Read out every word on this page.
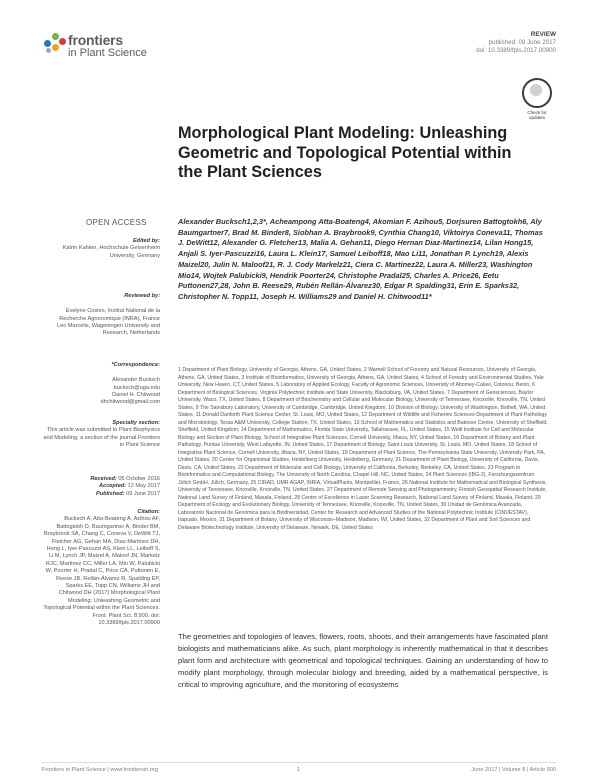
frontiers
in Plant Science
REVIEW
published: 09 June 2017
doi: 10.3389/fpls.2017.00900
Check for updates
Morphological Plant Modeling: Unleashing Geometric and Topological Potential within the Plant Sciences
OPEN ACCESS
Edited by:
Katrin Kahlen, Hochschule Geisenheim University, Germany

Reviewed by:

Evelyne Costes, Institut National de la Recherche Agronomique (INRA), France
Leo Marcelis, Wageningen University and Research, Netherlands

*Correspondence:

Alexander Bucksch
bucksch@uga.edu
Daniel H. Chitwood
dhchitwood@gmail.com

Specialty section:
This article was submitted to Plant Biophysics and Modeling, a section of the journal Frontiers in Plant Science
Received: 05 October 2016
Accepted: 12 May 2017
Published: 09 June 2017
Citation:
Bucksch A, Atta-Boateng A, Azihou AF, Battogtokh D, Baumgartner A, Binder BM, Braybrook SA, Chang C, Coneva V, DeWitt TJ, Fletcher AG, Gehan MA, Diaz-Martinez DH, Hong L, Iyer-Pascuzzi AS, Klein LL, Leiboff S, Li M, Lynch JP, Maizel A, Maloof JN, Markelz RJC, Martinez CC, Miller LA, Mio W, Palubicki W, Poorter H, Pradal C, Price CA, Puttonen E, Reese JB, Rellán-Álvarez R, Spalding EP, Sparks EE, Topp CN, Williams JH and Chitwood DH (2017) Morphological Plant Modeling: Unleashing Geometric and Topological Potential within the Plant Sciences. Front. Plant Sci. 8:900. doi: 10.3389/fpls.2017.00900
Alexander Bucksch1,2,3*, Acheampong Atta-Boateng4, Akomian F. Azihou5, Dorjsuren Battogtokh6, Aly Baumgartner7, Brad M. Binder8, Siobhan A. Braybrook9, Cynthia Chang10, Viktoirya Coneva11, Thomas J. DeWitt12, Alexander G. Fletcher13, Malia A. Gehan11, Diego Hernan Diaz-Martinez14, Lilan Hong15, Anjali S. Iyer-Pascuzzi16, Laura L. Klein17, Samuel Leiboff18, Mao Li11, Jonathan P. Lynch19, Alexis Maizel20, Julin N. Maloof21, R. J. Cody Markelz21, Ciera C. Martinez22, Laura A. Miller23, Washington Mio14, Wojtek Palubicki9, Hendrik Poorter24, Christophe Pradal25, Charles A. Price26, Eetu Puttonen27,28, John B. Reese29, Rubén Rellán-Álvarez30, Edgar P. Spalding31, Erin E. Sparks32, Christopher N. Topp11, Joseph H. Williams29 and Daniel H. Chitwood11*
1 Department of Plant Biology, University of Georgia, Athens, GA, United States, 2 Warnell School of Forestry and Natural Resources, University of Georgia, Athens, GA, United States, 3 Institute of Bioinformatics, University of Georgia, Athens, GA, United States, 4 School of Forestry and Environmental Studies, Yale University, New Haven, CT, United States, 5 Laboratory of Applied Ecology, Faculty of Agronomic Sciences, University of Abomey-Calavi, Cotonou, Benin, 6 Department of Biological Sciences, Virginia Polytechnic Institute and State University, Blacksburg, VA, United States, 7 Department of Geosciences, Baylor University, Waco, TX, United States, 8 Department of Biochemistry and Cellular and Molecular Biology, University of Tennessee, Knoxville, Knoxville, TN, United States, 9 The Sainsbury Laboratory, University of Cambridge, Cambridge, United Kingdom, 10 Division of Biology, University of Washington, Bothell, WA, United States, 11 Donald Danforth Plant Science Center, St. Louis, MO, United States, 12 Department of Wildlife and Fisheries Sciences-Department of Plant Pathology and Microbiology, Texas A&M University, College Station, TX, United States, 13 School of Mathematics and Statistics and Bateson Centre, University of Sheffield, Sheffield, United Kingdom, 14 Department of Mathematics, Florida State University, Tallahassee, FL, United States, 15 Weill Institute for Cell and Molecular Biology and Section of Plant Biology, School of Integrative Plant Sciences, Cornell University, Ithaca, NY, United States, 16 Department of Botany and Plant Pathology, Purdue University, West Lafayette, IN, United States, 17 Department of Biology, Saint Louis University, St. Louis, MO, United States, 18 School of Integrative Plant Science, Cornell University, Ithaca, NY, United States, 19 Department of Plant Science, The Pennsylvania State University, University Park, PA, United States, 20 Center for Organismal Studies, Heidelberg University, Heidelberg, Germany, 21 Department of Plant Biology, University of California, Davis, Davis, CA, United States, 22 Department of Molecular and Cell Biology, University of California, Berkeley, Berkeley, CA, United States, 23 Program in Bioinformatics and Computational Biology, The University of North Carolina, Chapel Hill, NC, United States, 24 Plant Sciences (IBG-2), Forschungszentrum Jülich GmbH, Jülich, Germany, 25 CIRAD, UMR AGAP, INRIA, VirtualPlants, Montpellier, France, 26 National Institute for Mathematical and Biological Synthesis, University of Tennessee, Knoxville, Knoxville, TN, United States, 27 Department of Remote Sensing and Photogrammetry, Finnish Geospatial Research Institute, National Land Survey of Finland, Masala, Finland, 28 Centre of Excellence in Laser Scanning Research, National Land Survey of Finland, Masala, Finland, 29 Department of Ecology and Evolutionary Biology, University of Tennessee, Knoxville, Knoxville, TN, United States, 30 Unidad de Genómica Avanzada, Laboratorio Nacional de Genómica para la Biodiversidad, Center for Research and Advanced Studies of the National Polytechnic Institute (CINVESTAV), Irapuato, Mexico, 31 Department of Botany, University of Wisconsin–Madison, Madison, WI, United States, 32 Department of Plant and Soil Sciences and Delaware Biotechnology Institute, University of Delaware, Newark, DE, United States
The geometries and topologies of leaves, flowers, roots, shoots, and their arrangements have fascinated plant biologists and mathematicians alike. As such, plant morphology is inherently mathematical in that it describes plant form and architecture with geometrical and topological techniques. Gaining an understanding of how to modify plant morphology, through molecular biology and breeding, aided by a mathematical perspective, is critical to improving agriculture, and the monitoring of ecosystems
Frontiers in Plant Science | www.frontiersin.org	1	June 2017 | Volume 8 | Article 900
